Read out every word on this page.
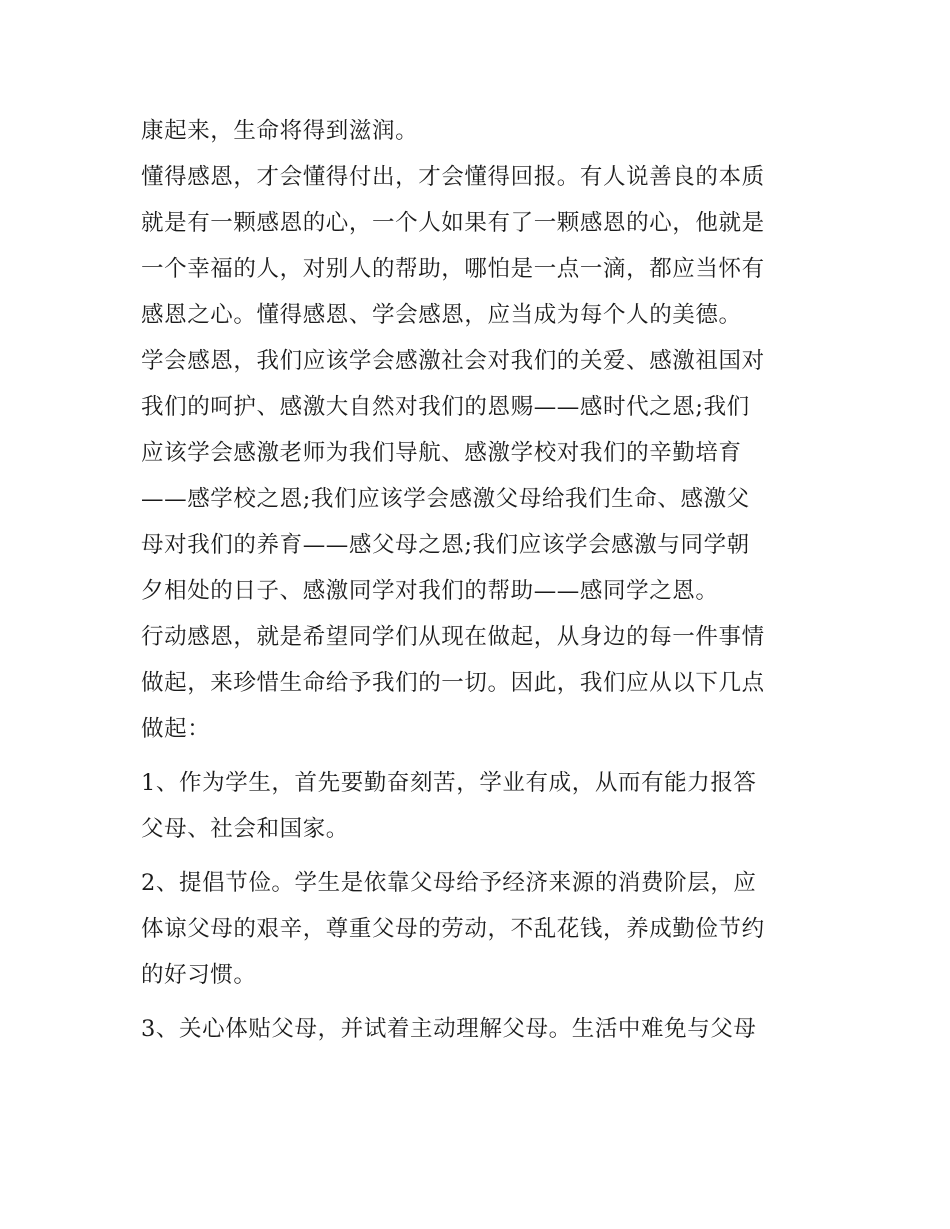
康起来，生命将得到滋润。
懂得感恩，才会懂得付出，才会懂得回报。有人说善良的本质
就是有一颗感恩的心，一个人如果有了一颗感恩的心，他就是
一个幸福的人，对别人的帮助，哪怕是一点一滴，都应当怀有
感恩之心。懂得感恩、学会感恩，应当成为每个人的美德。
学会感恩，我们应该学会感激社会对我们的关爱、感激祖国对
我们的呵护、感激大自然对我们的恩赐——感时代之恩;我们
应该学会感激老师为我们导航、感激学校对我们的辛勤培育
——感学校之恩;我们应该学会感激父母给我们生命、感激父
母对我们的养育——感父母之恩;我们应该学会感激与同学朝
夕相处的日子、感激同学对我们的帮助——感同学之恩。
行动感恩，就是希望同学们从现在做起，从身边的每一件事情
做起，来珍惜生命给予我们的一切。因此，我们应从以下几点
做起：
1、作为学生，首先要勤奋刻苦，学业有成，从而有能力报答
父母、社会和国家。
2、提倡节俭。学生是依靠父母给予经济来源的消费阶层，应
体谅父母的艰辛，尊重父母的劳动，不乱花钱，养成勤俭节约
的好习惯。
3、关心体贴父母，并试着主动理解父母。生活中难免与父母
